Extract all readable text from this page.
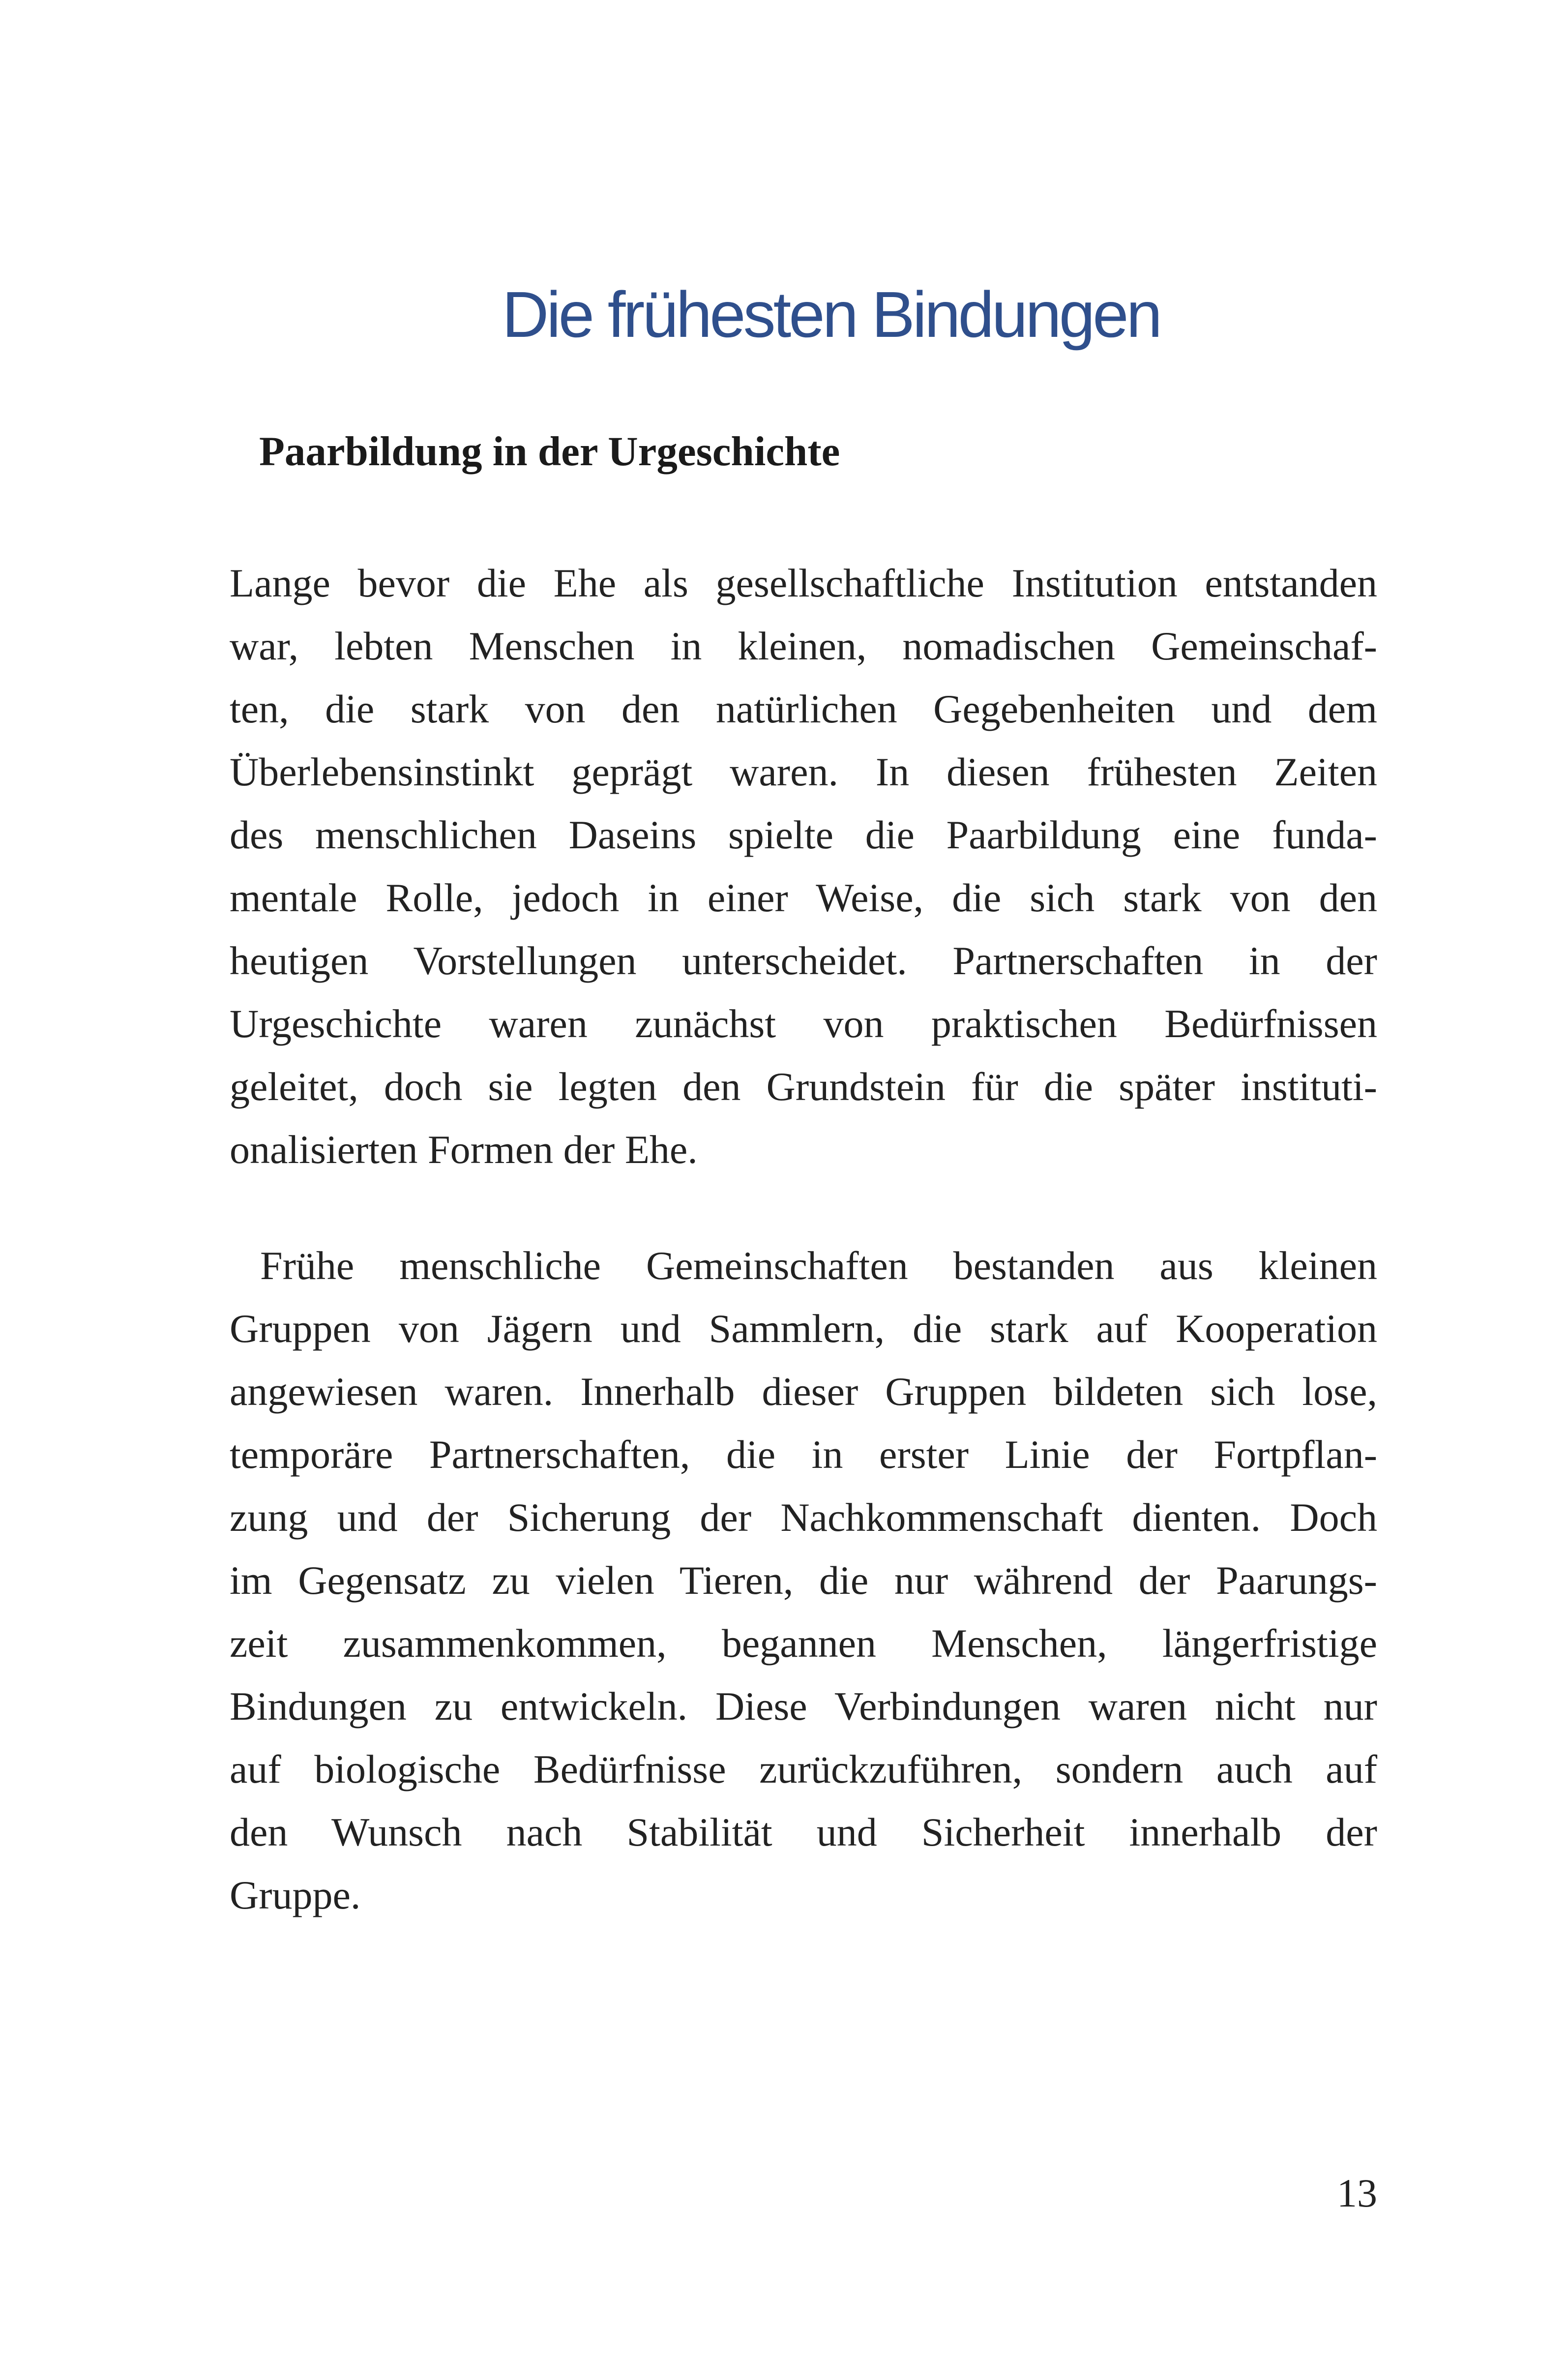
Die frühesten Bindungen
Paarbildung in der Urgeschichte
Lange bevor die Ehe als gesellschaftliche Institution entstanden
war, lebten Menschen in kleinen, nomadischen Gemeinschaf-
ten, die stark von den natürlichen Gegebenheiten und dem
Überlebensinstinkt geprägt waren. In diesen frühesten Zeiten
des menschlichen Daseins spielte die Paarbildung eine funda-
mentale Rolle, jedoch in einer Weise, die sich stark von den
heutigen Vorstellungen unterscheidet. Partnerschaften in der
Urgeschichte waren zunächst von praktischen Bedürfnissen
geleitet, doch sie legten den Grundstein für die später instituti-
onalisierten Formen der Ehe.
Frühe menschliche Gemeinschaften bestanden aus kleinen
Gruppen von Jägern und Sammlern, die stark auf Kooperation
angewiesen waren. Innerhalb dieser Gruppen bildeten sich lose,
temporäre Partnerschaften, die in erster Linie der Fortpflan-
zung und der Sicherung der Nachkommenschaft dienten. Doch
im Gegensatz zu vielen Tieren, die nur während der Paarungs-
zeit zusammenkommen, begannen Menschen, längerfristige
Bindungen zu entwickeln. Diese Verbindungen waren nicht nur
auf biologische Bedürfnisse zurückzuführen, sondern auch auf
den Wunsch nach Stabilität und Sicherheit innerhalb der
Gruppe.

13
